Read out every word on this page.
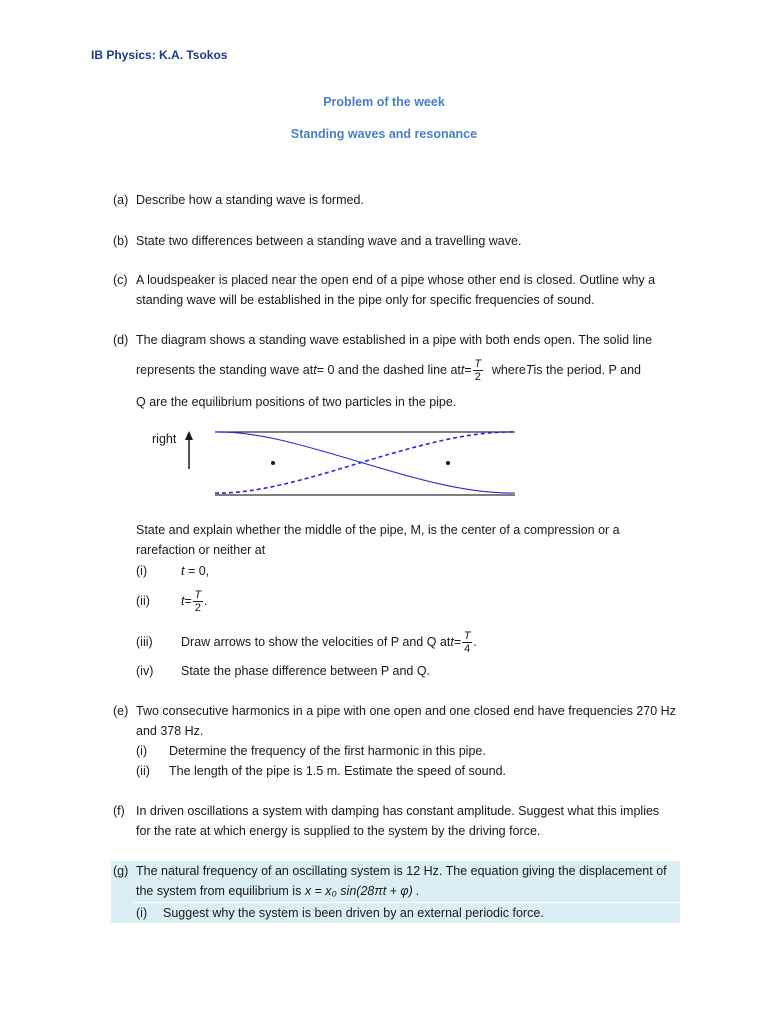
IB Physics: K.A. Tsokos
Problem of the week
Standing waves and resonance
(a) Describe how a standing wave is formed.
(b) State two differences between a standing wave and a travelling wave.
(c) A loudspeaker is placed near the open end of a pipe whose other end is closed. Outline why a
standing wave will be established in the pipe only for specific frequencies of sound.
(d) The diagram shows a standing wave established in a pipe with both ends open. The solid line
represents the standing wave at t = 0 and the dashed line at $t = \frac{T}{2}$ where T is the period. P and
Q are the equilibrium positions of two particles in the pipe.
right
State and explain whether the middle of the pipe, M, is the center of a compression or a
rarefaction or neither at
(i)	t = 0,
(ii) $t = \frac{T}{2}$ .
(iii) Draw arrows to show the velocities of P and Q at $t = \frac{T}{4}$ .
(iv) State the phase difference between P and Q.
(e) Two consecutive harmonics in a pipe with one open and one closed end have frequencies 270 Hz
and 378 Hz.
(i) Determine the frequency of the first harmonic in this pipe.
(ii) The length of the pipe is 1.5 m. Estimate the speed of sound.
(f) In driven oscillations a system with damping has constant amplitude. Suggest what this implies
for the rate at which energy is supplied to the system by the driving force.
(g) The natural frequency of an oscillating system is 12 Hz. The equation giving the displacement of
the system from equilibrium is x = x₀ sin(28πt + φ) .
(i) Suggest why the system is been driven by an external periodic force.
